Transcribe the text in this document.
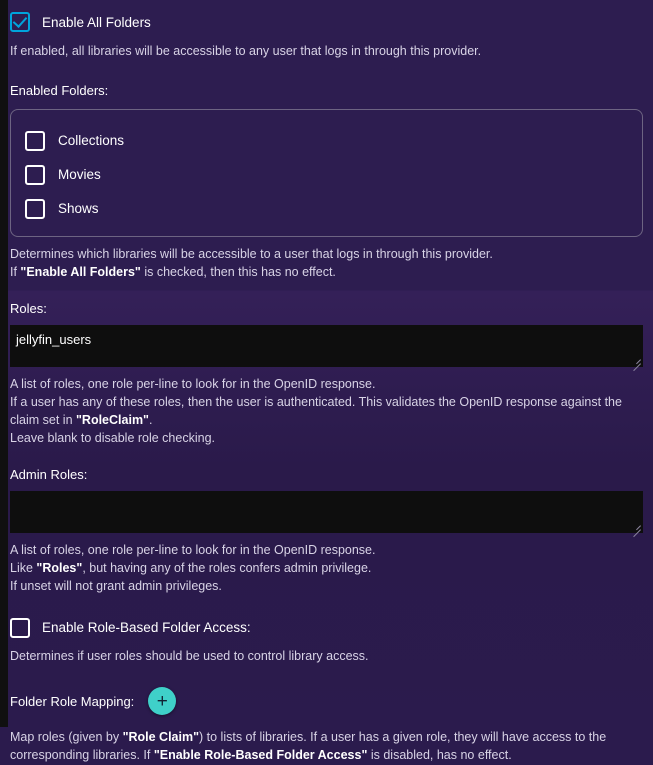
Enable All Folders
If enabled, all libraries will be accessible to any user that logs in through this provider.
Enabled Folders:
Collections
Movies
Shows
Determines which libraries will be accessible to a user that logs in through this provider.
If "Enable All Folders" is checked, then this has no effect.
Roles:
jellyfin_users
A list of roles, one role per-line to look for in the OpenID response.
If a user has any of these roles, then the user is authenticated. This validates the OpenID response against the
claim set in "RoleClaim".
Leave blank to disable role checking.
Admin Roles:
A list of roles, one role per-line to look for in the OpenID response.
Like "Roles", but having any of the roles confers admin privilege.
If unset will not grant admin privileges.
Enable Role-Based Folder Access:
Determines if user roles should be used to control library access.
Folder Role Mapping:	+
Map roles (given by "Role Claim") to lists of libraries. If a user has a given role, they will have access to the
corresponding libraries. If "Enable Role-Based Folder Access" is disabled, has no effect.
